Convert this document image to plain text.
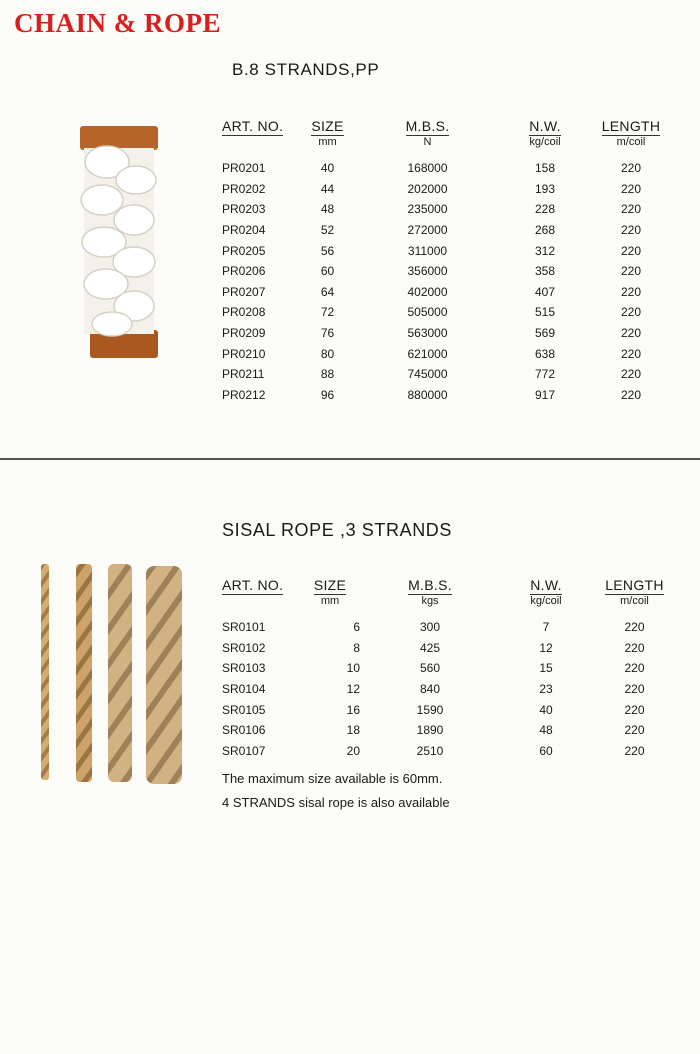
CHAIN & ROPE
B.8 STRANDS,PP
ART. NO.	SIZE	M.B.S.	N.W.	LENGTH
	mm	N	kg/coil	m/coil
PR0201	40	168000	158	220
PR0202	44	202000	193	220
PR0203	48	235000	228	220
PR0204	52	272000	268	220
PR0205	56	311000	312	220
PR0206	60	356000	358	220
PR0207	64	402000	407	220
PR0208	72	505000	515	220
PR0209	76	563000	569	220
PR0210	80	621000	638	220
PR0211	88	745000	772	220
PR0212	96	880000	917	220
SISAL ROPE ,3 STRANDS
ART. NO.	SIZE	M.B.S.	N.W.	LENGTH
	mm	kgs	kg/coil	m/coil
SR0101	6	300	7	220
SR0102	8	425	12	220
SR0103	10	560	15	220
SR0104	12	840	23	220
SR0105	16	1590	40	220
SR0106	18	1890	48	220
SR0107	20	2510	60	220
The maximum size available is 60mm.
4 STRANDS sisal rope is also available
